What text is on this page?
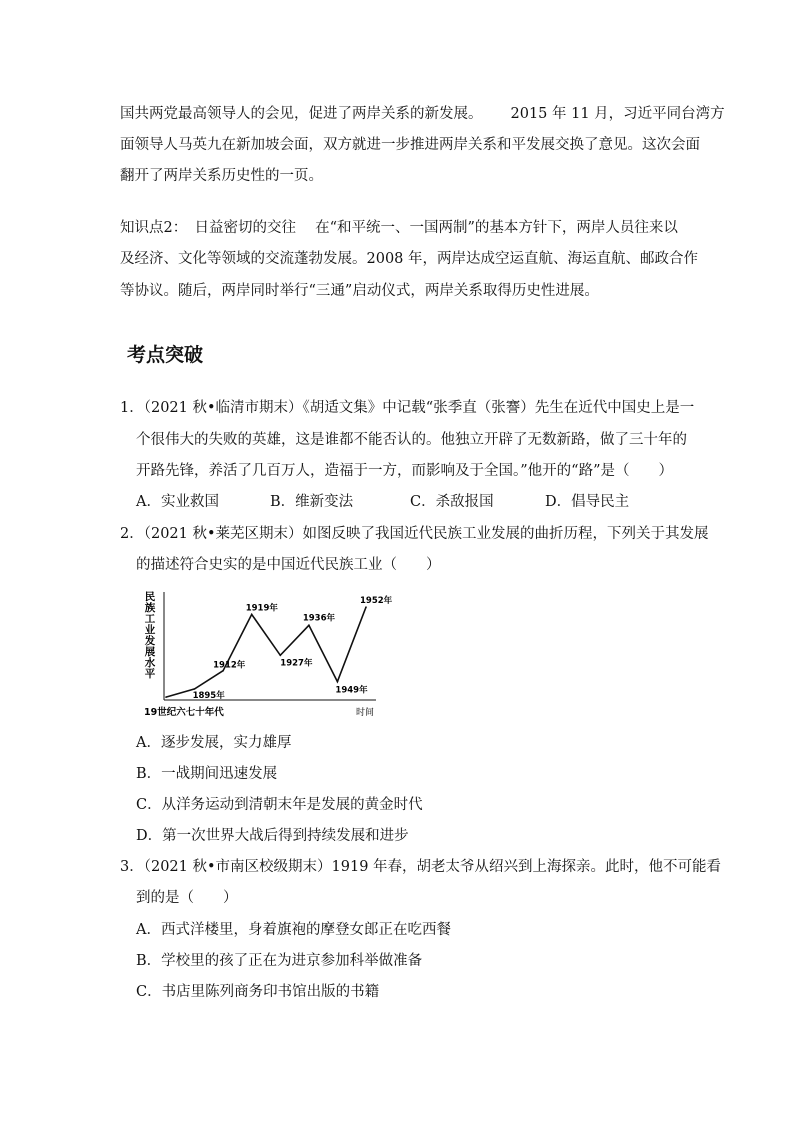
国共两党最高领导人的会见，促进了两岸关系的新发展。 2015 年 11 月，习近平同台湾方
面领导人马英九在新加坡会面，双方就进一步推进两岸关系和平发展交换了意见。这次会面
翻开了两岸关系历史性的一页。
知识点2：　日益密切的交往　 在“和平统一、一国两制”的基本方针下，两岸人员往来以
及经济、文化等领域的交流蓬勃发展。2008 年，两岸达成空运直航、海运直航、邮政合作
等协议。随后，两岸同时举行“三通”启动仪式，两岸关系取得历史性进展。
考点突破
1．（2021 秋•临清市期末）《胡适文集》中记载“张季直（张謇）先生在近代中国史上是一
个很伟大的失败的英雄，这是谁都不能否认的。他独立开辟了无数新路，做了三十年的
开路先锋，养活了几百万人，造福于一方，而影响及于全国。”他开的“路”是（　　）
A．实业救国	B．维新变法	C．杀敌报国	D．倡导民主
2．（2021 秋•莱芜区期末）如图反映了我国近代民族工业发展的曲折历程，下列关于其发展
的描述符合史实的是中国近代民族工业（　　）
民族工业发展水平
19世纪六七十年代	时间
1895年
1912年
1919年
1927年
1936年
1949年
1952年
A．逐步发展，实力雄厚
B．一战期间迅速发展
C．从洋务运动到清朝末年是发展的黄金时代
D．第一次世界大战后得到持续发展和进步
3．（2021 秋•市南区校级期末）1919 年春，胡老太爷从绍兴到上海探亲。此时，他不可能看
到的是（　　）
A．西式洋楼里，身着旗袍的摩登女郎正在吃西餐
B．学校里的孩了正在为进京参加科举做准备
C．书店里陈列商务印书馆出版的书籍
